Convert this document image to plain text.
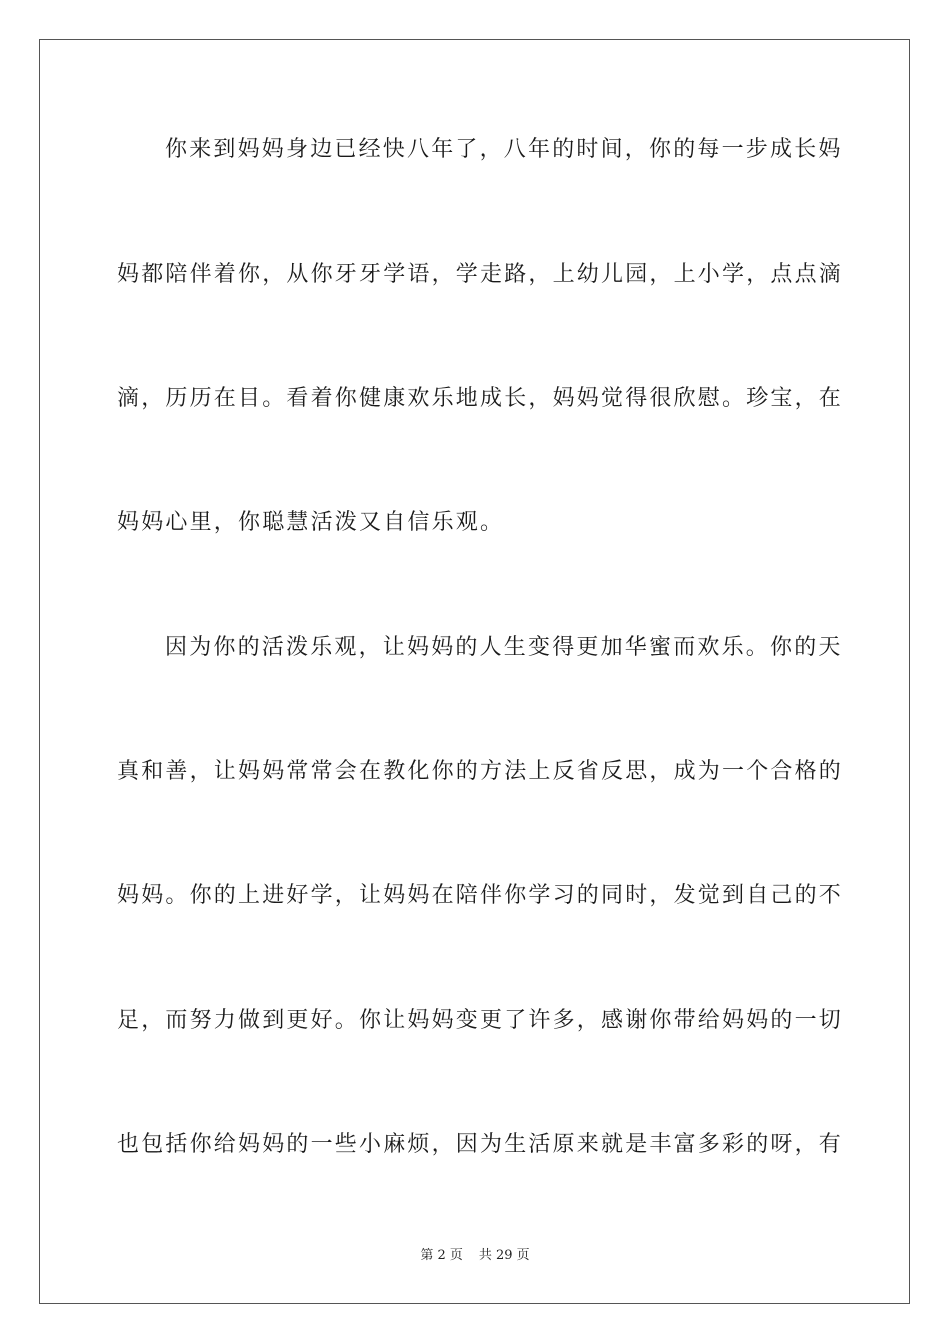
你来到妈妈身边已经快八年了，八年的时间，你的每一步成长妈
妈都陪伴着你，从你牙牙学语，学走路，上幼儿园，上小学，点点滴
滴，历历在目。看着你健康欢乐地成长，妈妈觉得很欣慰。珍宝，在
妈妈心里，你聪慧活泼又自信乐观。
因为你的活泼乐观，让妈妈的人生变得更加华蜜而欢乐。你的天
真和善，让妈妈常常会在教化你的方法上反省反思，成为一个合格的
妈妈。你的上进好学，让妈妈在陪伴你学习的同时，发觉到自己的不
足，而努力做到更好。你让妈妈变更了许多，感谢你带给妈妈的一切
也包括你给妈妈的一些小麻烦，因为生活原来就是丰富多彩的呀，有
第 2 页 共 29 页
